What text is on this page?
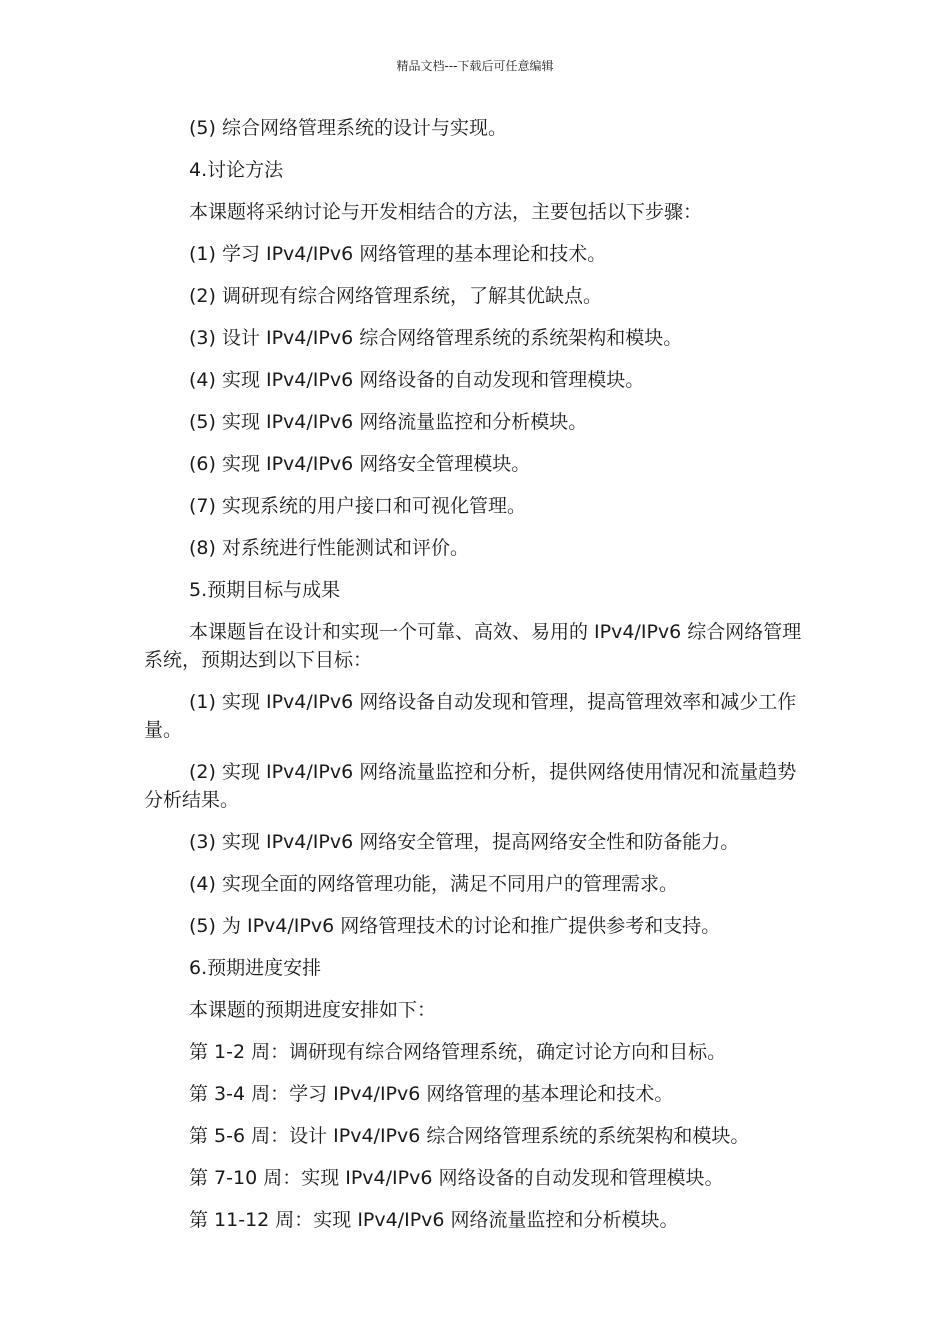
精品文档---下载后可任意编辑

(5) 综合网络管理系统的设计与实现。

4.讨论方法

本课题将采纳讨论与开发相结合的方法，主要包括以下步骤：

(1) 学习 IPv4/IPv6 网络管理的基本理论和技术。

(2) 调研现有综合网络管理系统，了解其优缺点。

(3) 设计 IPv4/IPv6 综合网络管理系统的系统架构和模块。

(4) 实现 IPv4/IPv6 网络设备的自动发现和管理模块。

(5) 实现 IPv4/IPv6 网络流量监控和分析模块。

(6) 实现 IPv4/IPv6 网络安全管理模块。

(7) 实现系统的用户接口和可视化管理。

(8) 对系统进行性能测试和评价。

5.预期目标与成果

本课题旨在设计和实现一个可靠、高效、易用的 IPv4/IPv6 综合网络管理系统，预期达到以下目标：

(1) 实现 IPv4/IPv6 网络设备自动发现和管理，提高管理效率和减少工作量。

(2) 实现 IPv4/IPv6 网络流量监控和分析，提供网络使用情况和流量趋势分析结果。

(3) 实现 IPv4/IPv6 网络安全管理，提高网络安全性和防备能力。

(4) 实现全面的网络管理功能，满足不同用户的管理需求。

(5) 为 IPv4/IPv6 网络管理技术的讨论和推广提供参考和支持。

6.预期进度安排

本课题的预期进度安排如下：

第 1-2 周：调研现有综合网络管理系统，确定讨论方向和目标。

第 3-4 周：学习 IPv4/IPv6 网络管理的基本理论和技术。

第 5-6 周：设计 IPv4/IPv6 综合网络管理系统的系统架构和模块。

第 7-10 周：实现 IPv4/IPv6 网络设备的自动发现和管理模块。

第 11-12 周：实现 IPv4/IPv6 网络流量监控和分析模块。
